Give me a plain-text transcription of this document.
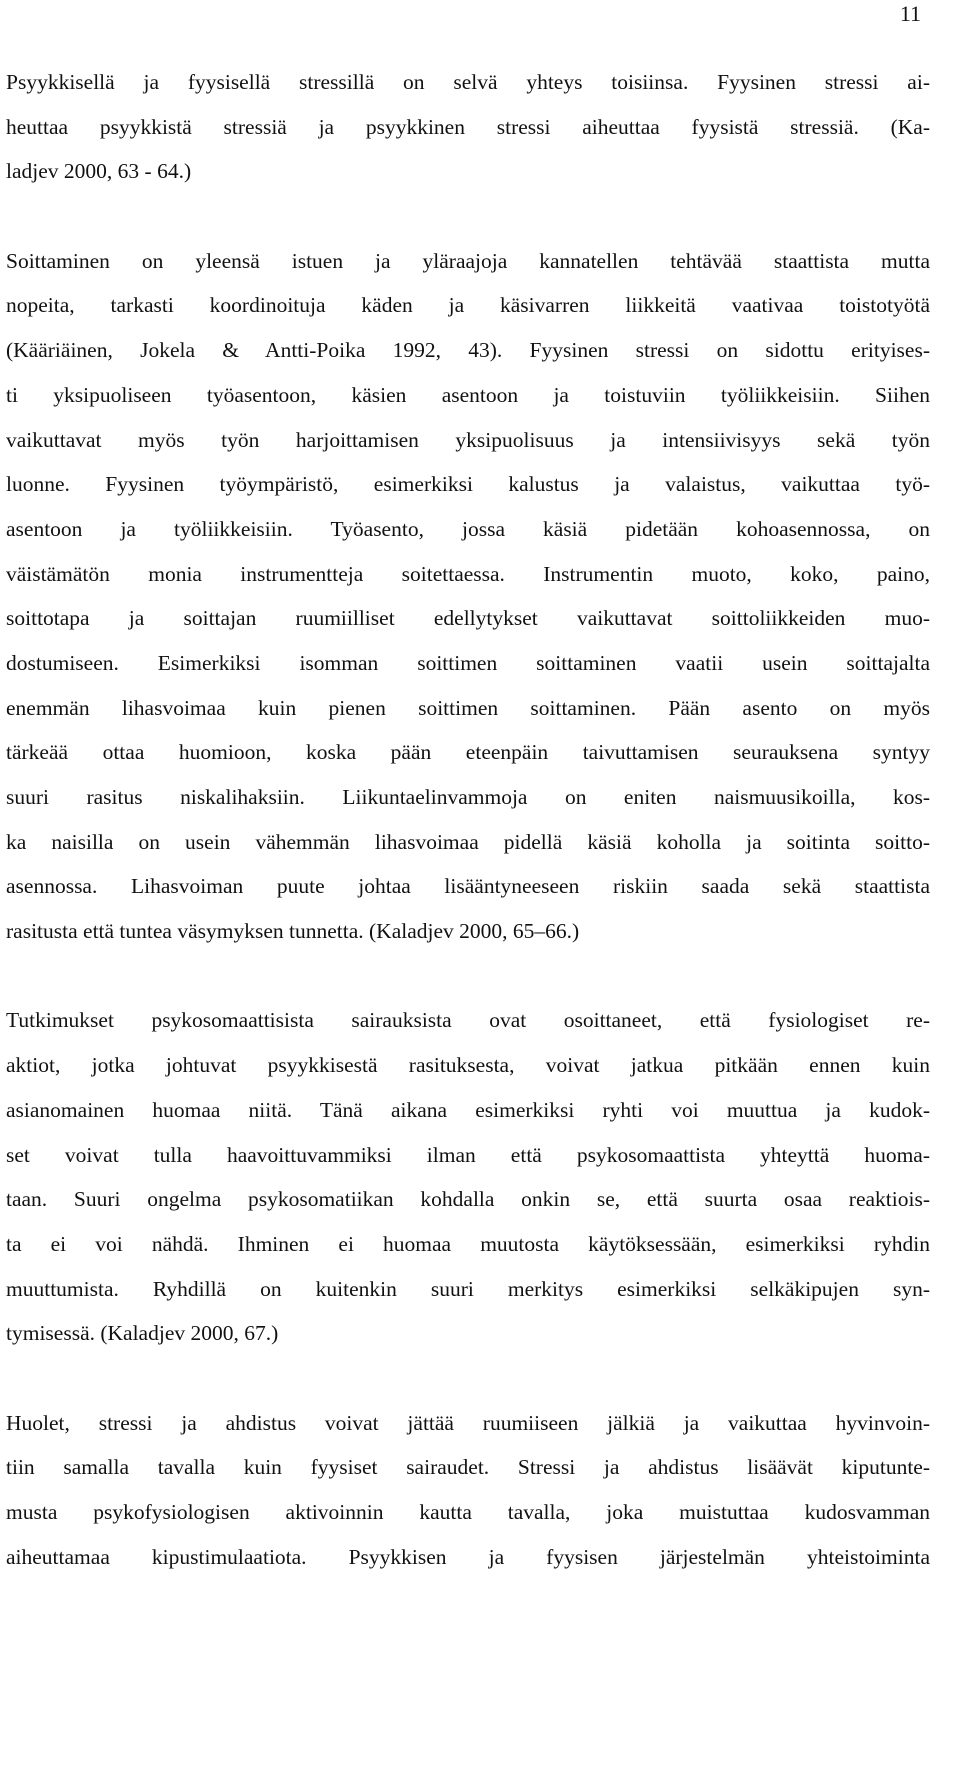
11
Psyykkisellä ja fyysisellä stressillä on selvä yhteys toisiinsa. Fyysinen stressi ai-
heuttaa psyykkistä stressiä ja psyykkinen stressi aiheuttaa fyysistä stressiä. (Ka-
ladjev 2000, 63 - 64.)
Soittaminen on yleensä istuen ja yläraajoja kannatellen tehtävää staattista mutta
nopeita, tarkasti koordinoituja käden ja käsivarren liikkeitä vaativaa toistotyötä
(Kääriäinen, Jokela & Antti-Poika 1992, 43). Fyysinen stressi on sidottu erityises-
ti yksipuoliseen työasentoon, käsien asentoon ja toistuviin työliikkeisiin. Siihen
vaikuttavat myös työn harjoittamisen yksipuolisuus ja intensiivisyys sekä työn
luonne. Fyysinen työympäristö, esimerkiksi kalustus ja valaistus, vaikuttaa työ-
asentoon ja työliikkeisiin. Työasento, jossa käsiä pidetään kohoasennossa, on
väistämätön monia instrumentteja soitettaessa. Instrumentin muoto, koko, paino,
soittotapa ja soittajan ruumiilliset edellytykset vaikuttavat soittoliikkeiden muo-
dostumiseen. Esimerkiksi isomman soittimen soittaminen vaatii usein soittajalta
enemmän lihasvoimaa kuin pienen soittimen soittaminen. Pään asento on myös
tärkeää ottaa huomioon, koska pään eteenpäin taivuttamisen seurauksena syntyy
suuri rasitus niskalihaksiin. Liikuntaelinvammoja on eniten naismuusikoilla, kos-
ka naisilla on usein vähemmän lihasvoimaa pidellä käsiä koholla ja soitinta soitto-
asennossa. Lihasvoiman puute johtaa lisääntyneeseen riskiin saada sekä staattista
rasitusta että tuntea väsymyksen tunnetta. (Kaladjev 2000, 65–66.)
Tutkimukset psykosomaattisista sairauksista ovat osoittaneet, että fysiologiset re-
aktiot, jotka johtuvat psyykkisestä rasituksesta, voivat jatkua pitkään ennen kuin
asianomainen huomaa niitä. Tänä aikana esimerkiksi ryhti voi muuttua ja kudok-
set voivat tulla haavoittuvammiksi ilman että psykosomaattista yhteyttä huoma-
taan. Suuri ongelma psykosomatiikan kohdalla onkin se, että suurta osaa reaktiois-
ta ei voi nähdä. Ihminen ei huomaa muutosta käytöksessään, esimerkiksi ryhdin
muuttumista. Ryhdillä on kuitenkin suuri merkitys esimerkiksi selkäkipujen syn-
tymisessä. (Kaladjev 2000, 67.)
Huolet, stressi ja ahdistus voivat jättää ruumiiseen jälkiä ja vaikuttaa hyvinvoin-
tiin samalla tavalla kuin fyysiset sairaudet. Stressi ja ahdistus lisäävät kiputunte-
musta psykofysiologisen aktivoinnin kautta tavalla, joka muistuttaa kudosvamman
aiheuttamaa kipustimulaatiota. Psyykkisen ja fyysisen järjestelmän yhteistoiminta
